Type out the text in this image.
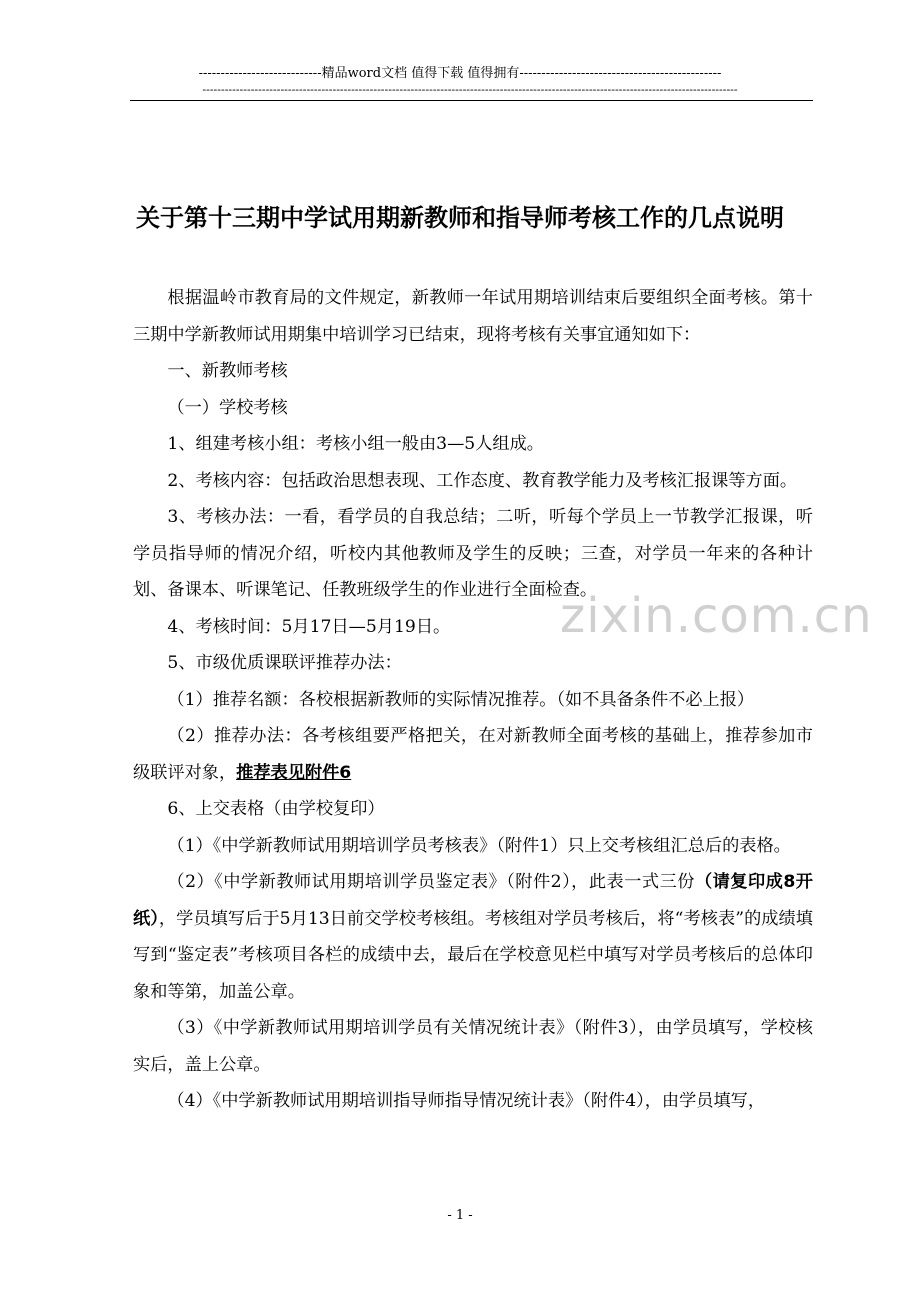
----------------------------精品word文档 值得下载 值得拥有----------------------------------------------
------------------------------------------------------------------------------------------------------------------------------------------------
关于第十三期中学试用期新教师和指导师考核工作的几点说明

根据温岭市教育局的文件规定，新教师一年试用期培训结束后要组织全面考核。第十三期中学新教师试用期集中培训学习已结束，现将考核有关事宜通知如下：

一、新教师考核

（一）学校考核

1、组建考核小组：考核小组一般由3—5人组成。

2、考核内容：包括政治思想表现、工作态度、教育教学能力及考核汇报课等方面。

3、考核办法：一看，看学员的自我总结；二听，听每个学员上一节教学汇报课，听学员指导师的情况介绍，听校内其他教师及学生的反映；三查，对学员一年来的各种计划、备课本、听课笔记、任教班级学生的作业进行全面检查。

4、考核时间：5月17日—5月19日。

5、市级优质课联评推荐办法：

（1）推荐名额：各校根据新教师的实际情况推荐。（如不具备条件不必上报）

（2）推荐办法：各考核组要严格把关，在对新教师全面考核的基础上，推荐参加市级联评对象，推荐表见附件6

6、上交表格（由学校复印）

（1）《中学新教师试用期培训学员考核表》（附件1）只上交考核组汇总后的表格。

（2）《中学新教师试用期培训学员鉴定表》（附件2），此表一式三份（请复印成8开纸），学员填写后于5月13日前交学校考核组。考核组对学员考核后，将“考核表”的成绩填写到“鉴定表”考核项目各栏的成绩中去，最后在学校意见栏中填写对学员考核后的总体印象和等第，加盖公章。

（3）《中学新教师试用期培训学员有关情况统计表》（附件3），由学员填写，学校核实后，盖上公章。

（4）《中学新教师试用期培训指导师指导情况统计表》（附件4），由学员填写，

zixin.com.cn
- 1 -
